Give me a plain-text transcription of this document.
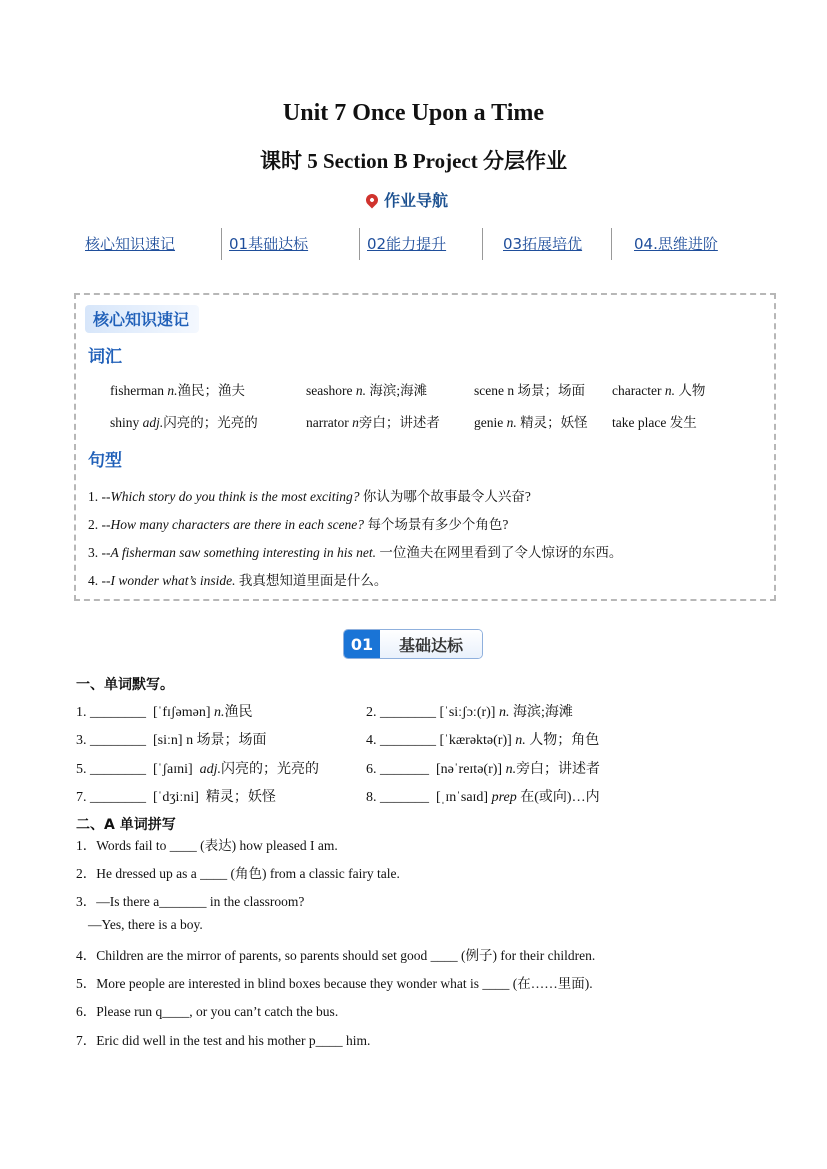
Unit 7 Once Upon a Time
课时 5 Section B Project 分层作业
作业导航
核心知识速记	01基础达标	02能力提升	03拓展培优	04.思维进阶
核心知识速记
词汇
fisherman n.渔民；渔夫	seashore n. 海滨;海滩	scene n 场景；场面 character n. 人物
shiny adj.闪亮的；光亮的	narrator n旁白；讲述者	genie n. 精灵；妖怪 take place 发生
句型
1. --Which story do you think is the most exciting? 你认为哪个故事最令人兴奋?
2. --How many characters are there in each scene? 每个场景有多少个角色?
3. --A fisherman saw something interesting in his net. 一位渔夫在网里看到了令人惊讶的东西。
4. --I wonder what’s inside. 我真想知道里面是什么。
01	基础达标
一、单词默写。
1. ________ [ˈfɪʃəmən] n.渔民	2. ________ [ˈsiːʃɔː(r)] n. 海滨;海滩
3. ________ [siːn] n 场景；场面	4. ________ [ˈkærəktə(r)] n. 人物；角色
5. ________ [ˈʃaɪni] adj.闪亮的；光亮的	6. _______ [nəˈreɪtə(r)] n.旁白；讲述者
7. ________ [ˈdʒiːni] 精灵；妖怪	8. _______ [ˌɪnˈsaɪd] prep 在(或向)…内
二、A 单词拼写
1．Words fail to ____ (表达) how pleased I am.
2．He dressed up as a ____ (角色) from a classic fairy tale.
3．—Is there a_______ in the classroom?
—Yes, there is a boy.
4．Children are the mirror of parents, so parents should set good ____ (例子) for their children.
5．More people are interested in blind boxes because they wonder what is ____ (在……里面).
6．Please run q____, or you can’t catch the bus.
7．Eric did well in the test and his mother p____ him.
